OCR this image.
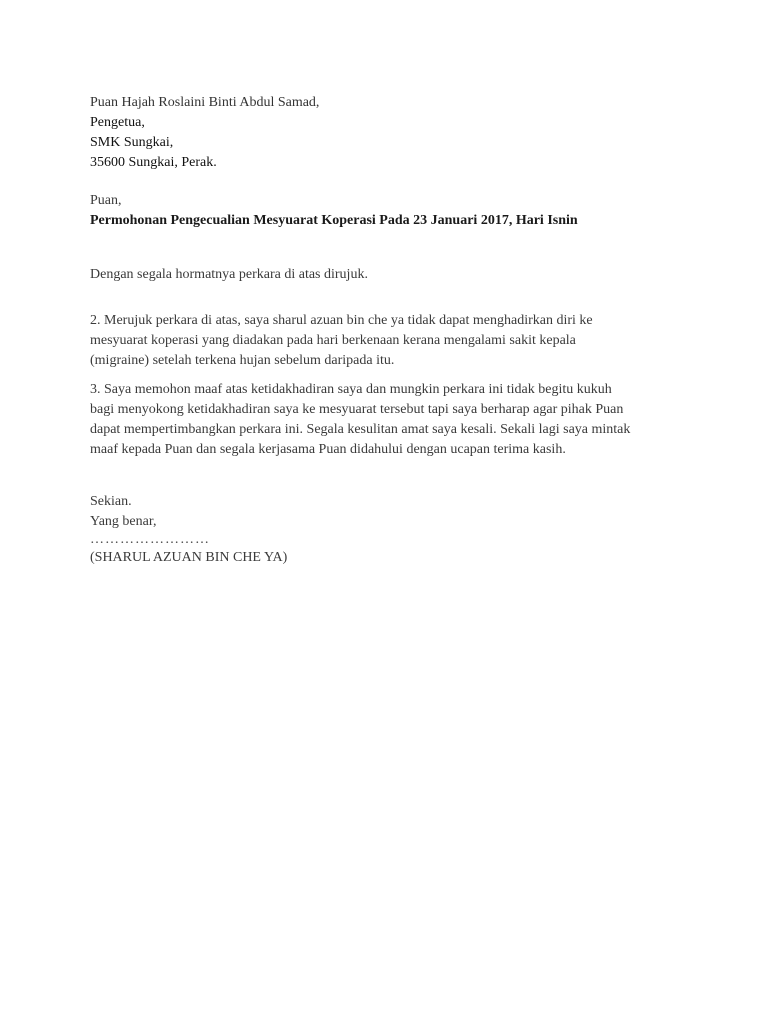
Puan Hajah Roslaini Binti Abdul Samad,
Pengetua,
SMK Sungkai,
35600 Sungkai, Perak.
Puan,
Permohonan Pengecualian Mesyuarat Koperasi Pada 23 Januari 2017, Hari Isnin
Dengan segala hormatnya perkara di atas dirujuk.
2. Merujuk perkara di atas, saya sharul azuan bin che ya tidak dapat menghadirkan diri ke
mesyuarat koperasi yang diadakan pada hari berkenaan kerana mengalami sakit kepala
(migraine) setelah terkena hujan sebelum daripada itu.
3. Saya memohon maaf atas ketidakhadiran saya dan mungkin perkara ini tidak begitu kukuh
bagi menyokong ketidakhadiran saya ke mesyuarat tersebut tapi saya berharap agar pihak Puan
dapat mempertimbangkan perkara ini. Segala kesulitan amat saya kesali. Sekali lagi saya mintak
maaf kepada Puan dan segala kerjasama Puan didahului dengan ucapan terima kasih.
Sekian.
Yang benar,
……………………
(SHARUL AZUAN BIN CHE YA)
